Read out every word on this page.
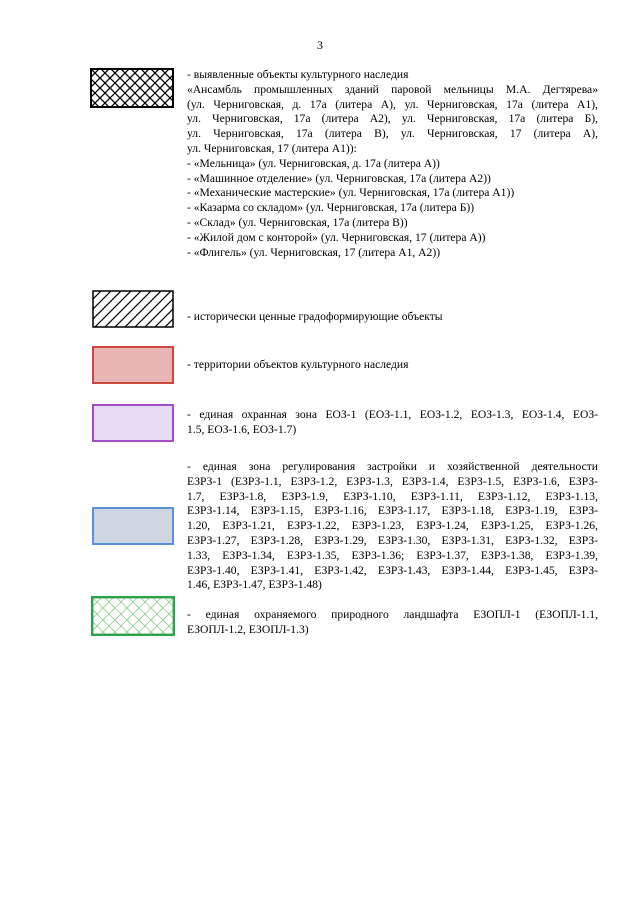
3
- выявленные объекты культурного наследия
«Ансамбль промышленных зданий паровой мельницы М.А. Дегтярева»
(ул. Черниговская, д. 17а (литера А), ул. Черниговская, 17а (литера А1),
ул. Черниговская, 17а (литера А2), ул. Черниговская, 17а (литера Б),
ул. Черниговская, 17а (литера В), ул. Черниговская, 17 (литера А),
ул. Черниговская, 17 (литера А1)):
- «Мельница» (ул. Черниговская, д. 17а (литера А))
- «Машинное отделение» (ул. Черниговская, 17а (литера А2))
- «Механические мастерские» (ул. Черниговская, 17а (литера А1))
- «Казарма со складом» (ул. Черниговская, 17а (литера Б))
- «Склад» (ул. Черниговская, 17а (литера В))
- «Жилой дом с конторой» (ул. Черниговская, 17 (литера А))
- «Флигель» (ул. Черниговская, 17 (литера А1, А2))
- исторически ценные градоформирующие объекты
- территории объектов культурного наследия
- единая охранная зона ЕОЗ-1 (ЕОЗ-1.1, ЕОЗ-1.2, ЕОЗ-1.3, ЕОЗ-1.4, ЕОЗ-
1.5, ЕОЗ-1.6, ЕОЗ-1.7)
- единая зона регулирования застройки и хозяйственной деятельности
ЕЗРЗ-1 (ЕЗРЗ-1.1, ЕЗРЗ-1.2, ЕЗРЗ-1.3, ЕЗРЗ-1.4, ЕЗРЗ-1.5, ЕЗРЗ-1.6, ЕЗРЗ-
1.7, ЕЗРЗ-1.8, ЕЗРЗ-1.9, ЕЗРЗ-1.10, ЕЗРЗ-1.11, ЕЗРЗ-1.12, ЕЗРЗ-1.13,
ЕЗРЗ-1.14, ЕЗРЗ-1.15, ЕЗРЗ-1.16, ЕЗРЗ-1.17, ЕЗРЗ-1.18, ЕЗРЗ-1.19, ЕЗРЗ-
1.20, ЕЗРЗ-1.21, ЕЗРЗ-1.22, ЕЗРЗ-1.23, ЕЗРЗ-1.24, ЕЗРЗ-1.25, ЕЗРЗ-1.26,
ЕЗРЗ-1.27, ЕЗРЗ-1.28, ЕЗРЗ-1.29, ЕЗРЗ-1.30, ЕЗРЗ-1.31, ЕЗРЗ-1.32, ЕЗРЗ-
1.33, ЕЗРЗ-1.34, ЕЗРЗ-1.35, ЕЗРЗ-1.36; ЕЗРЗ-1.37, ЕЗРЗ-1.38, ЕЗРЗ-1.39,
ЕЗРЗ-1.40, ЕЗРЗ-1.41, ЕЗРЗ-1.42, ЕЗРЗ-1.43, ЕЗРЗ-1.44, ЕЗРЗ-1.45, ЕЗРЗ-
1.46, ЕЗРЗ-1.47, ЕЗРЗ-1.48)
- единая охраняемого природного ландшафта ЕЗОПЛ-1 (ЕЗОПЛ-1.1,
ЕЗОПЛ-1.2, ЕЗОПЛ-1.3)
